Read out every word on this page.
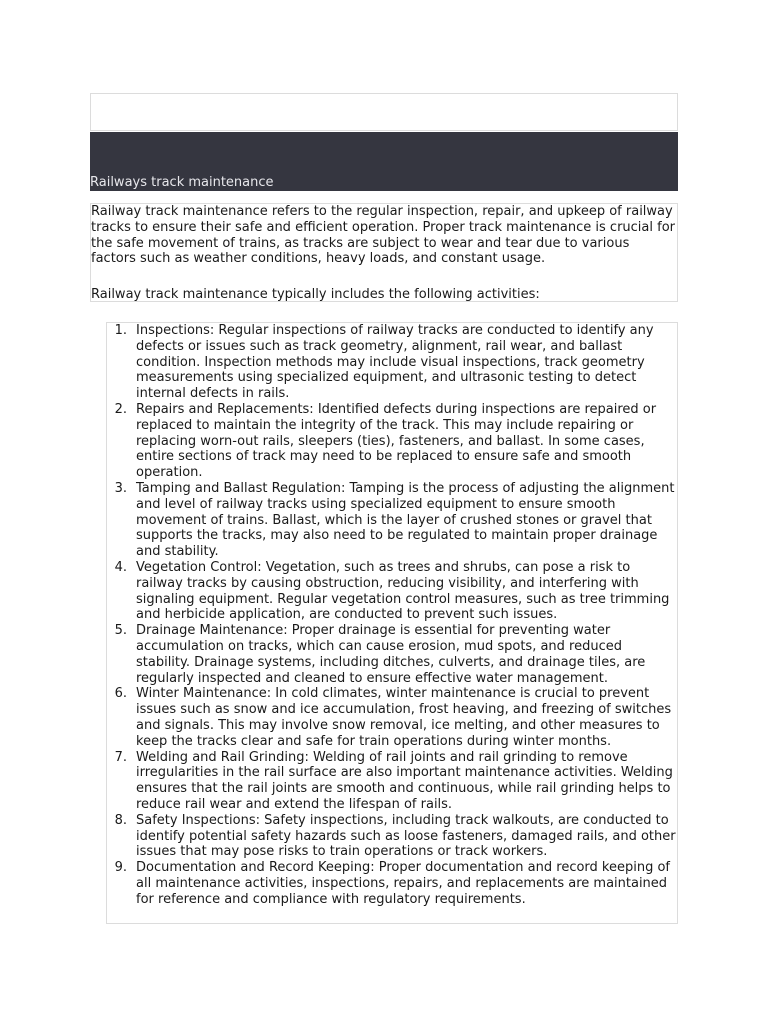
Railways track maintenance

Railway track maintenance refers to the regular inspection, repair, and upkeep of railway tracks to ensure their safe and efficient operation. Proper track maintenance is crucial for the safe movement of trains, as tracks are subject to wear and tear due to various factors such as weather conditions, heavy loads, and constant usage.

Railway track maintenance typically includes the following activities:

1. Inspections: Regular inspections of railway tracks are conducted to identify any defects or issues such as track geometry, alignment, rail wear, and ballast condition. Inspection methods may include visual inspections, track geometry measurements using specialized equipment, and ultrasonic testing to detect internal defects in rails.
2. Repairs and Replacements: Identified defects during inspections are repaired or replaced to maintain the integrity of the track. This may include repairing or replacing worn-out rails, sleepers (ties), fasteners, and ballast. In some cases, entire sections of track may need to be replaced to ensure safe and smooth operation.
3. Tamping and Ballast Regulation: Tamping is the process of adjusting the alignment and level of railway tracks using specialized equipment to ensure smooth movement of trains. Ballast, which is the layer of crushed stones or gravel that supports the tracks, may also need to be regulated to maintain proper drainage and stability.
4. Vegetation Control: Vegetation, such as trees and shrubs, can pose a risk to railway tracks by causing obstruction, reducing visibility, and interfering with signaling equipment. Regular vegetation control measures, such as tree trimming and herbicide application, are conducted to prevent such issues.
5. Drainage Maintenance: Proper drainage is essential for preventing water accumulation on tracks, which can cause erosion, mud spots, and reduced stability. Drainage systems, including ditches, culverts, and drainage tiles, are regularly inspected and cleaned to ensure effective water management.
6. Winter Maintenance: In cold climates, winter maintenance is crucial to prevent issues such as snow and ice accumulation, frost heaving, and freezing of switches and signals. This may involve snow removal, ice melting, and other measures to keep the tracks clear and safe for train operations during winter months.
7. Welding and Rail Grinding: Welding of rail joints and rail grinding to remove irregularities in the rail surface are also important maintenance activities. Welding ensures that the rail joints are smooth and continuous, while rail grinding helps to reduce rail wear and extend the lifespan of rails.
8. Safety Inspections: Safety inspections, including track walkouts, are conducted to identify potential safety hazards such as loose fasteners, damaged rails, and other issues that may pose risks to train operations or track workers.
9. Documentation and Record Keeping: Proper documentation and record keeping of all maintenance activities, inspections, repairs, and replacements are maintained for reference and compliance with regulatory requirements.
